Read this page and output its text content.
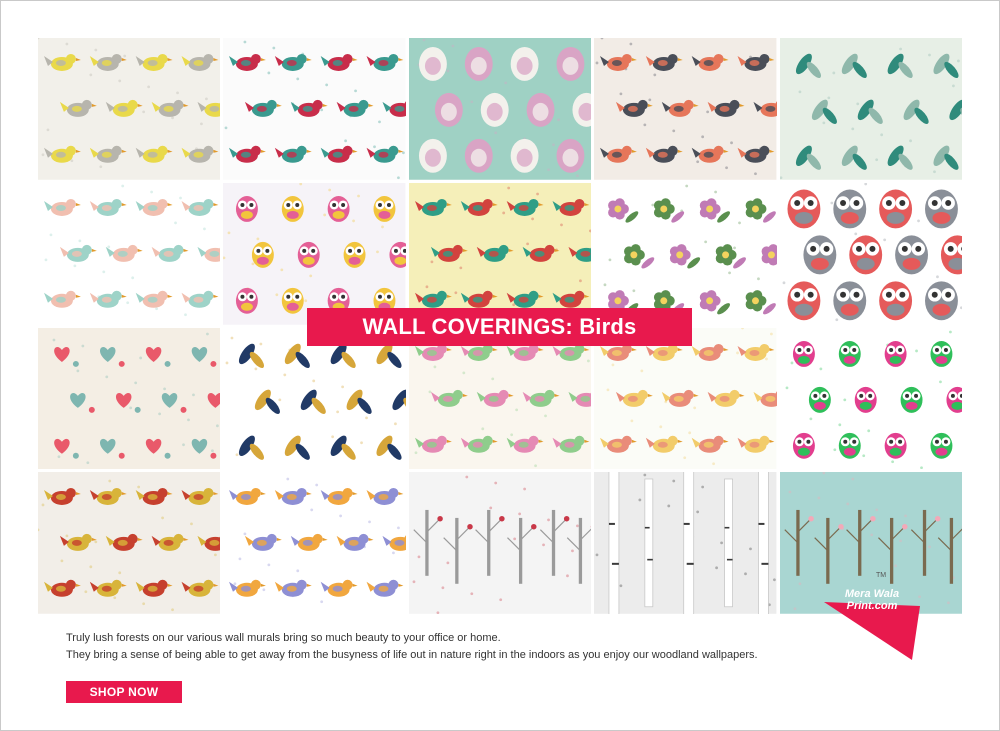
WALL COVERINGS: Birds
TM
Mera Wala
Print.com

Truly lush forests on our various wall murals bring so much beauty to your office or home.

They bring a sense of being able to get away from the busyness of life out in nature right in the indoors as you enjoy our woodland wallpapers.

SHOP NOW
